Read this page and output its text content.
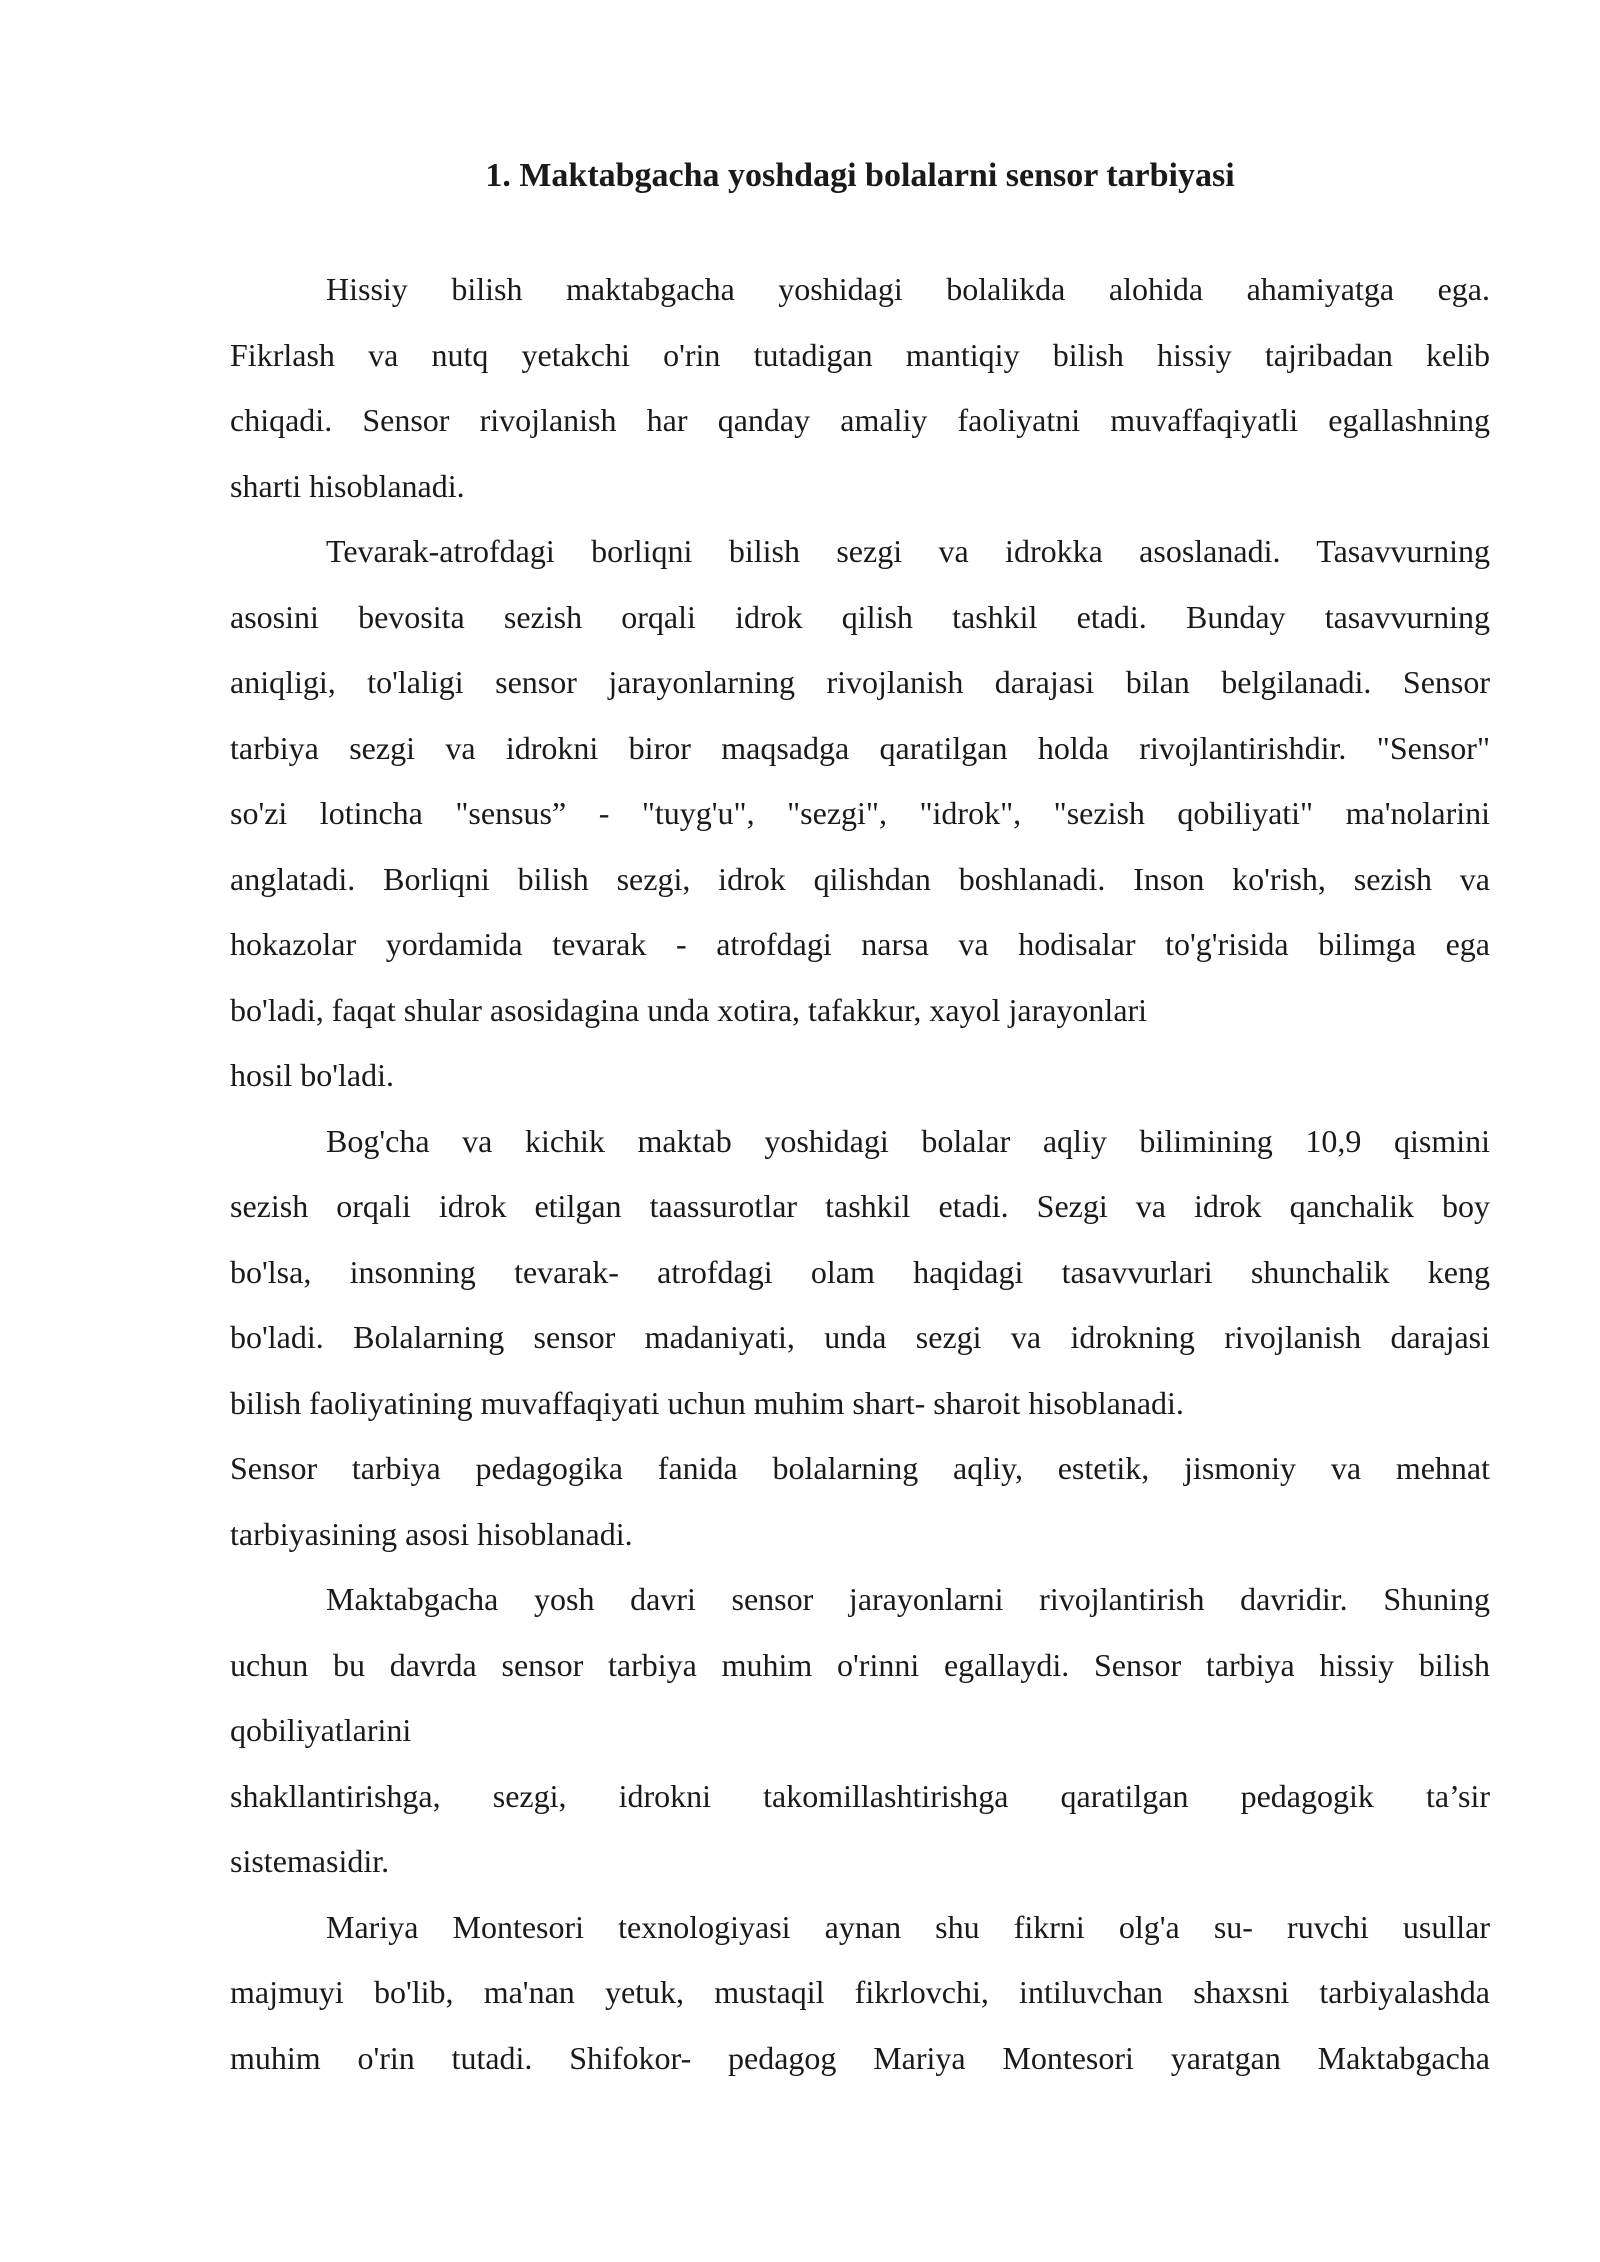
1. Maktabgacha yoshdagi bolalarni sensor tarbiyasi
Hissiy bilish maktabgacha yoshidagi bolalikda alohida ahamiyatga ega.
Fikrlash va nutq yetakchi o'rin tutadigan mantiqiy bilish hissiy tajribadan kelib
chiqadi. Sensor rivojlanish har qanday amaliy faoliyatni muvaffaqiyatli egallashning
sharti hisoblanadi.
Tevarak-atrofdagi borliqni bilish sezgi va idrokka asoslanadi. Tasavvurning
asosini bevosita sezish orqali idrok qilish tashkil etadi. Bunday tasavvurning
aniqligi, to'laligi sensor jarayonlarning rivojlanish darajasi bilan belgilanadi. Sensor
tarbiya sezgi va idrokni biror maqsadga qaratilgan holda rivojlantirishdir. "Sensor"
so'zi lotincha "sensus” - "tuyg'u", "sezgi", "idrok", "sezish qobiliyati" ma'nolarini
anglatadi. Borliqni bilish sezgi, idrok qilishdan boshlanadi. Inson ko'rish, sezish va
hokazolar yordamida tevarak - atrofdagi narsa va hodisalar to'g'risida bilimga ega
bo'ladi, faqat shular asosidagina unda xotira, tafakkur, xayol jarayonlari
hosil bo'ladi.
Bog'cha va kichik maktab yoshidagi bolalar aqliy bilimining 10,9 qismini
sezish orqali idrok etilgan taassurotlar tashkil etadi. Sezgi va idrok qanchalik boy
bo'lsa, insonning tevarak- atrofdagi olam haqidagi tasavvurlari shunchalik keng
bo'ladi. Bolalarning sensor madaniyati, unda sezgi va idrokning rivojlanish darajasi
bilish faoliyatining muvaffaqiyati uchun muhim shart- sharoit hisoblanadi.
Sensor tarbiya pedagogika fanida bolalarning aqliy, estetik, jismoniy va mehnat
tarbiyasining asosi hisoblanadi.
Maktabgacha yosh davri sensor jarayonlarni rivojlantirish davridir. Shuning
uchun bu davrda sensor tarbiya muhim o'rinni egallaydi. Sensor tarbiya hissiy bilish
qobiliyatlarini
shakllantirishga, sezgi, idrokni takomillashtirishga qaratilgan pedagogik ta’sir
sistemasidir.
Mariya Montesori texnologiyasi aynan shu fikrni olg'a su- ruvchi usullar
majmuyi bo'lib, ma'nan yetuk, mustaqil fikrlovchi, intiluvchan shaxsni tarbiyalashda
muhim o'rin tutadi. Shifokor- pedagog Mariya Montesori yaratgan Maktabgacha
